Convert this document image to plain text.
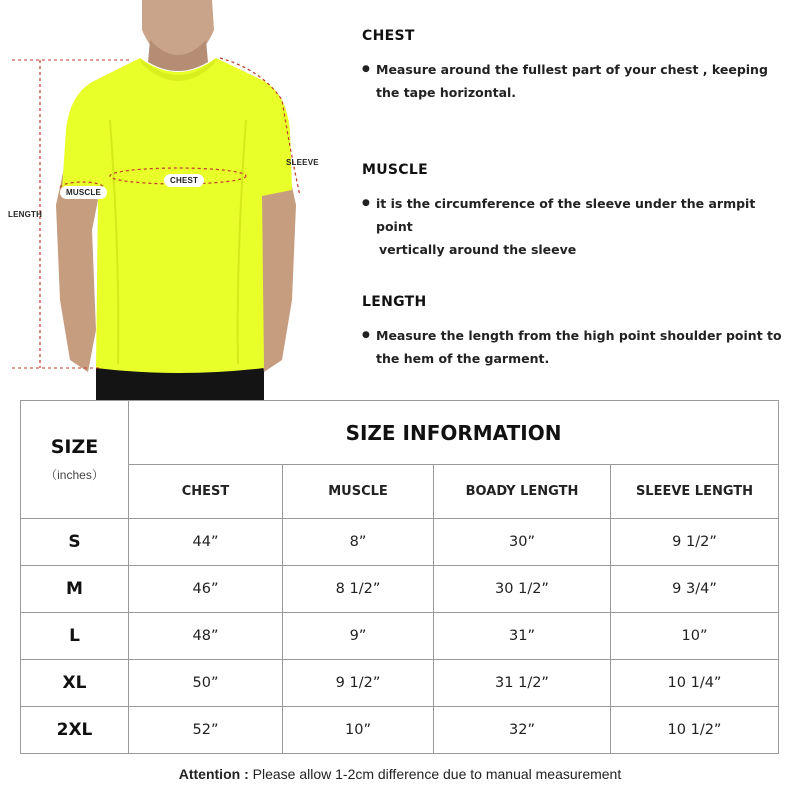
LENGTH
SLEEVE
MUSCLE
CHEST
CHEST
● Measure around the fullest part of your chest , keeping
the tape horizontal.
MUSCLE
● it is the circumference of the sleeve under the armpit point
vertically around the sleeve
LENGTH
● Measure the length from the high point shoulder point to
the hem of the garment.
SIZE
（inches）	SIZE INFORMATION			
	CHEST	MUSCLE	BOADY LENGTH	SLEEVE LENGTH
S	44”	8”	30”	9 1/2”
M	46”	8 1/2”	30 1/2”	9 3/4”
L	48”	9”	31”	10”
XL	50”	9 1/2”	31 1/2”	10 1/4”
2XL	52”	10”	32”	10 1/2”
Attention : Please allow 1-2cm difference due to manual measurement
